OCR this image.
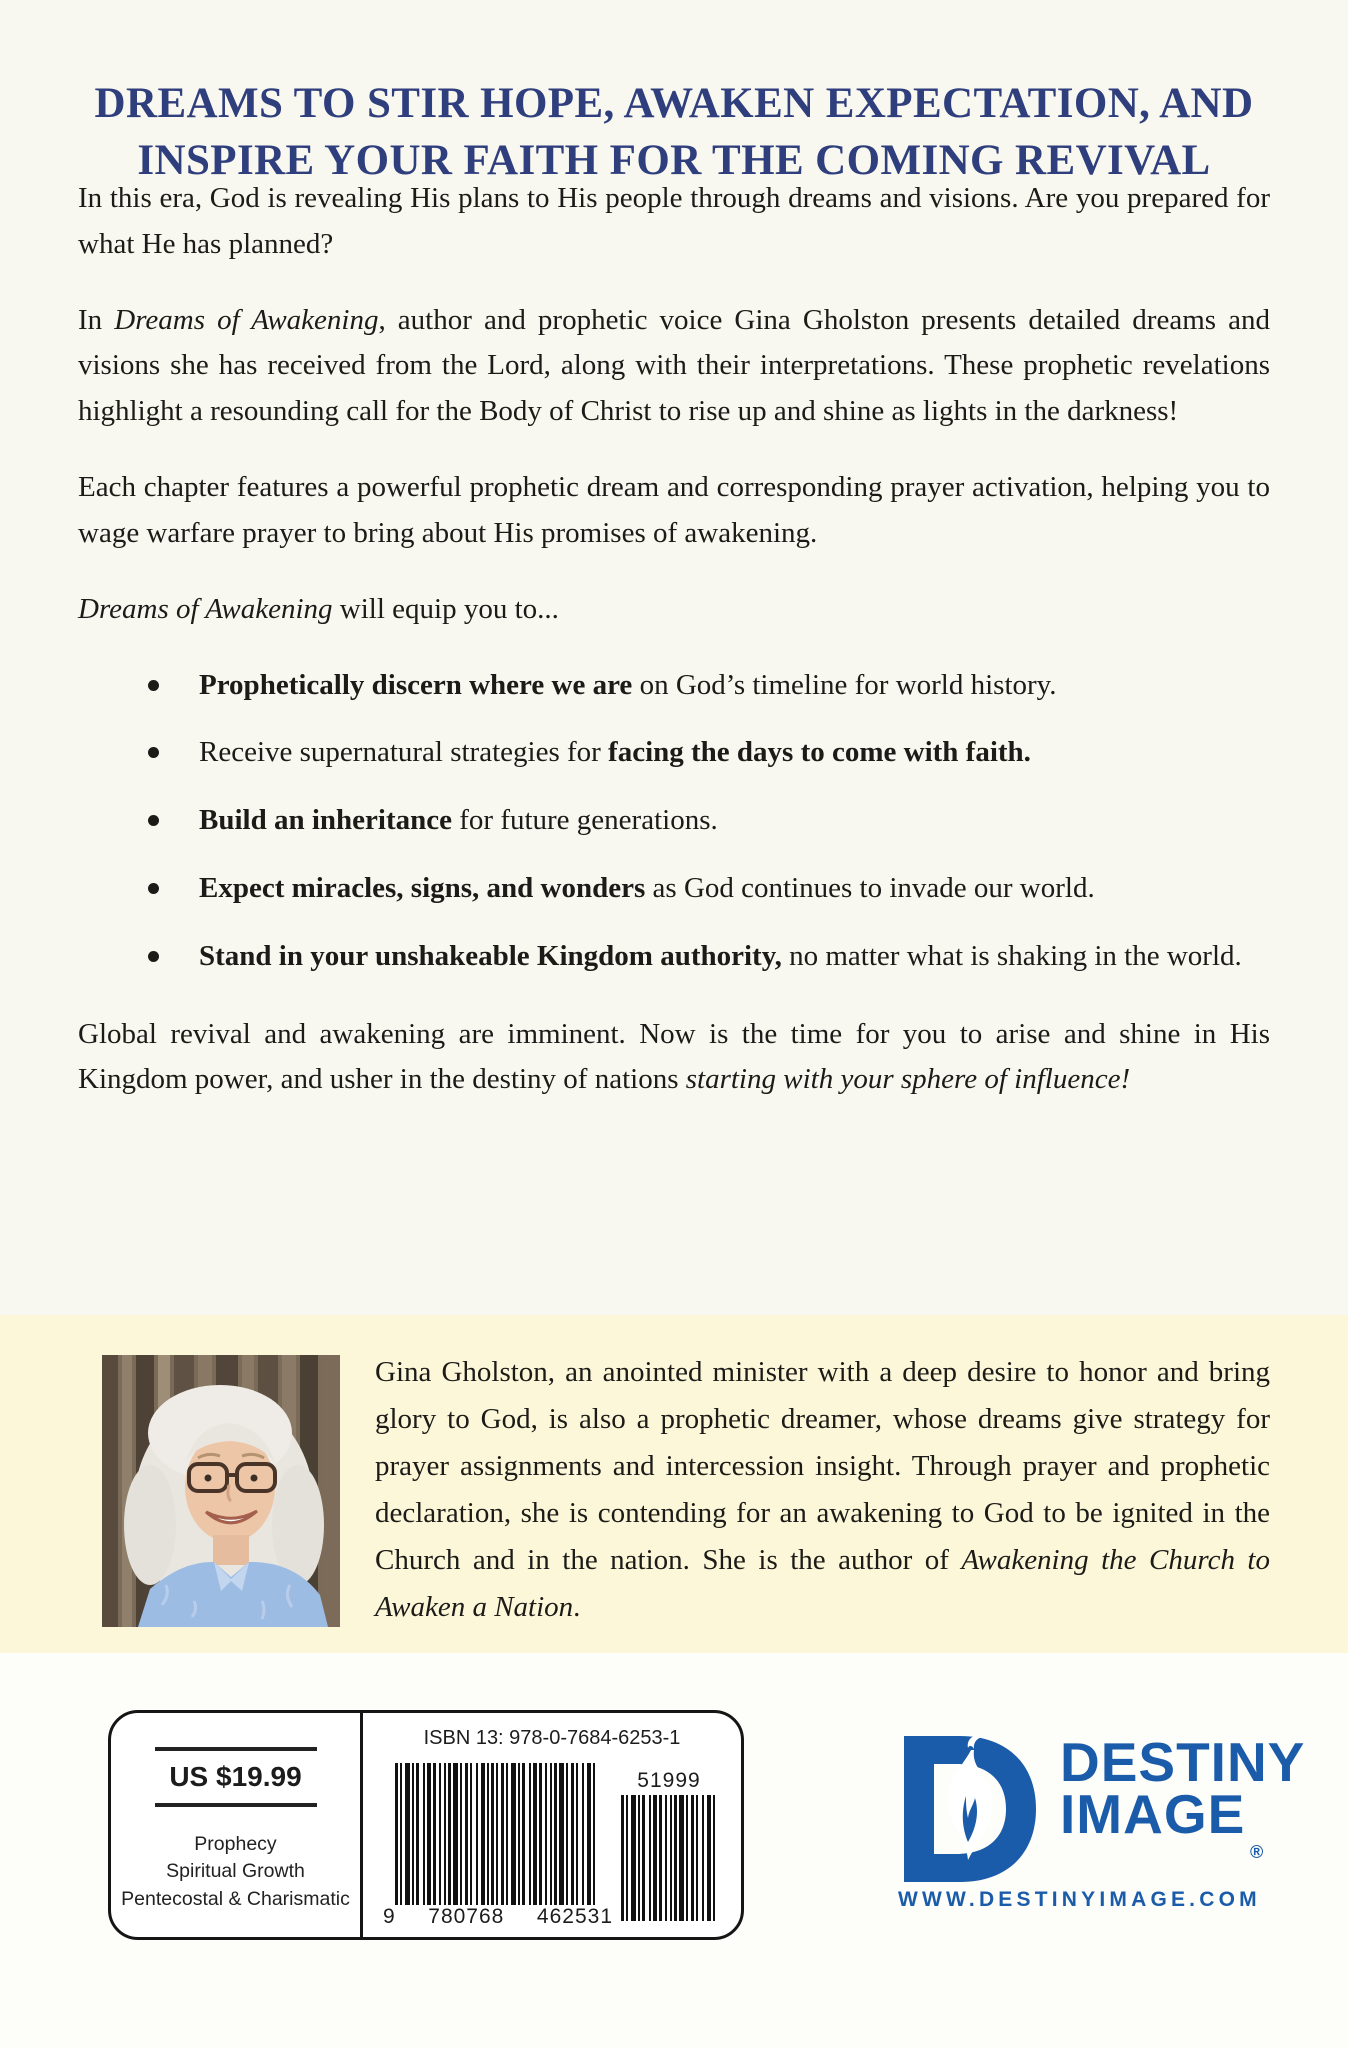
DREAMS TO STIR HOPE, AWAKEN EXPECTATION, AND
INSPIRE YOUR FAITH FOR THE COMING REVIVAL

In this era, God is revealing His plans to His people through dreams and visions. Are you prepared for what He has planned?

In Dreams of Awakening, author and prophetic voice Gina Gholston presents detailed dreams and visions she has received from the Lord, along with their interpretations. These prophetic revelations highlight a resounding call for the Body of Christ to rise up and shine as lights in the darkness!

Each chapter features a powerful prophetic dream and corresponding prayer activation, helping you to wage warfare prayer to bring about His promises of awakening.

Dreams of Awakening will equip you to...

Prophetically discern where we are on God’s timeline for world history.
Receive supernatural strategies for facing the days to come with faith.
Build an inheritance for future generations.
Expect miracles, signs, and wonders as God continues to invade our world.
Stand in your unshakeable Kingdom authority, no matter what is shaking in the world.

Global revival and awakening are imminent. Now is the time for you to arise and shine in His Kingdom power, and usher in the destiny of nations starting with your sphere of influence!

Gina Gholston, an anointed minister with a deep desire to honor and bring glory to God, is also a prophetic dreamer, whose dreams give strategy for prayer assignments and intercession insight. Through prayer and prophetic declaration, she is contending for an awakening to God to be ignited in the Church and in the nation. She is the author of Awakening the Church to Awaken a Nation.

US $19.99
Prophecy
Spiritual Growth
Pentecostal & Charismatic
ISBN 13: 978-0-7684-6253-1
9 780768 462531
51999	DESTINY
IMAGE
®
WWW.DESTINYIMAGE.COM
